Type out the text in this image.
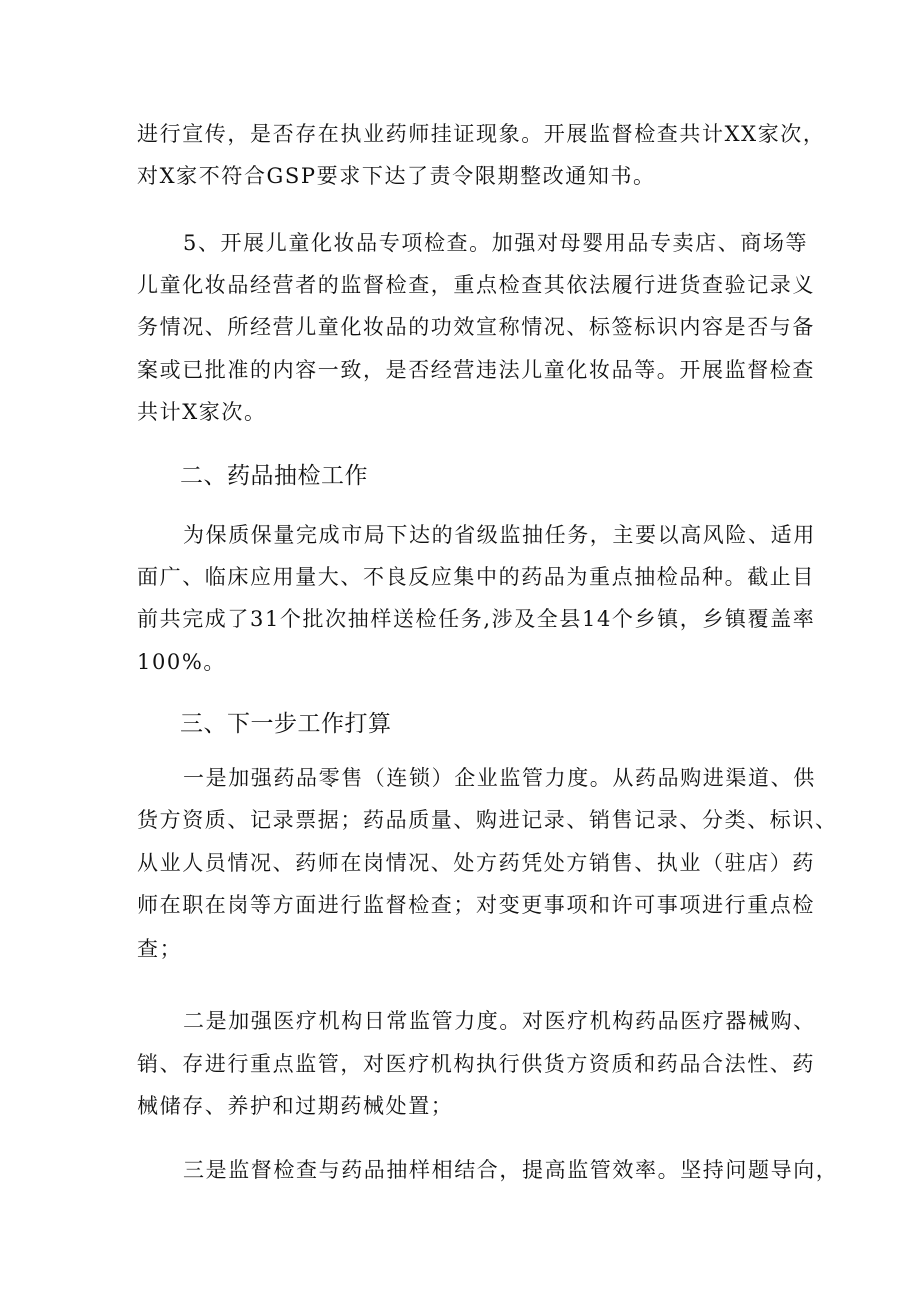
进行宣传，是否存在执业药师挂证现象。开展监督检查共计XX家次，
对X家不符合GSP要求下达了责令限期整改通知书。
5、开展儿童化妆品专项检查。加强对母婴用品专卖店、商场等
儿童化妆品经营者的监督检查，重点检查其依法履行进货查验记录义
务情况、所经营儿童化妆品的功效宣称情况、标签标识内容是否与备
案或已批准的内容一致，是否经营违法儿童化妆品等。开展监督检查
共计X家次。
二、药品抽检工作
为保质保量完成市局下达的省级监抽任务，主要以高风险、适用
面广、临床应用量大、不良反应集中的药品为重点抽检品种。截止目
前共完成了31个批次抽样送检任务,涉及全县14个乡镇，乡镇覆盖率
100%。
三、下一步工作打算
一是加强药品零售（连锁）企业监管力度。从药品购进渠道、供
货方资质、记录票据；药品质量、购进记录、销售记录、分类、标识、
从业人员情况、药师在岗情况、处方药凭处方销售、执业（驻店）药
师在职在岗等方面进行监督检查；对变更事项和许可事项进行重点检
查；
二是加强医疗机构日常监管力度。对医疗机构药品医疗器械购、
销、存进行重点监管，对医疗机构执行供货方资质和药品合法性、药
械储存、养护和过期药械处置；
三是监督检查与药品抽样相结合，提高监管效率。坚持问题导向，
